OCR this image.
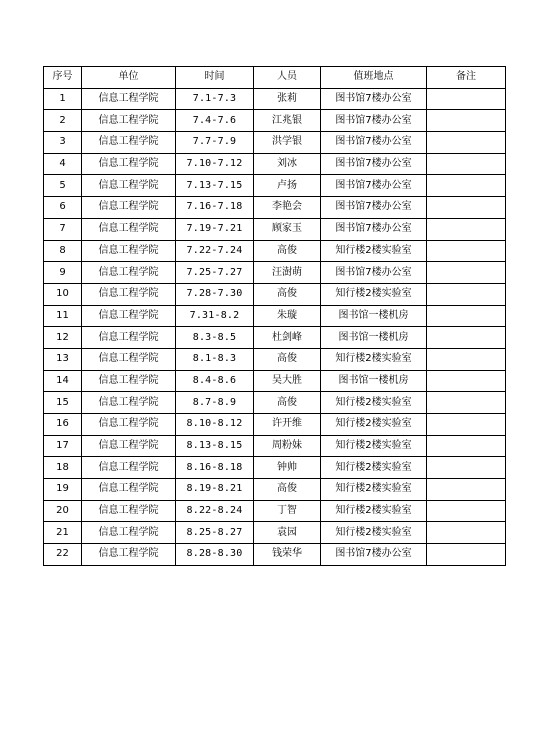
序号	单位	时间	人员	值班地点	备注
1	信息工程学院	7.1-7.3	张莉	图书馆7楼办公室	
2	信息工程学院	7.4-7.6	江兆银	图书馆7楼办公室	
3	信息工程学院	7.7-7.9	洪学银	图书馆7楼办公室	
4	信息工程学院	7.10-7.12	刘冰	图书馆7楼办公室	
5	信息工程学院	7.13-7.15	卢扬	图书馆7楼办公室	
6	信息工程学院	7.16-7.18	李艳会	图书馆7楼办公室	
7	信息工程学院	7.19-7.21	顾家玉	图书馆7楼办公室	
8	信息工程学院	7.22-7.24	高俊	知行楼2楼实验室	
9	信息工程学院	7.25-7.27	汪澍萌	图书馆7楼办公室	
10	信息工程学院	7.28-7.30	高俊	知行楼2楼实验室	
11	信息工程学院	7.31-8.2	朱璇	图书馆一楼机房	
12	信息工程学院	8.3-8.5	杜剑峰	图书馆一楼机房	
13	信息工程学院	8.1-8.3	高俊	知行楼2楼实验室	
14	信息工程学院	8.4-8.6	吴大胜	图书馆一楼机房	
15	信息工程学院	8.7-8.9	高俊	知行楼2楼实验室	
16	信息工程学院	8.10-8.12	许开维	知行楼2楼实验室	
17	信息工程学院	8.13-8.15	周粉妹	知行楼2楼实验室	
18	信息工程学院	8.16-8.18	钟帅	知行楼2楼实验室	
19	信息工程学院	8.19-8.21	高俊	知行楼2楼实验室	
20	信息工程学院	8.22-8.24	丁智	知行楼2楼实验室	
21	信息工程学院	8.25-8.27	袁园	知行楼2楼实验室	
22	信息工程学院	8.28-8.30	钱荣华	图书馆7楼办公室	
